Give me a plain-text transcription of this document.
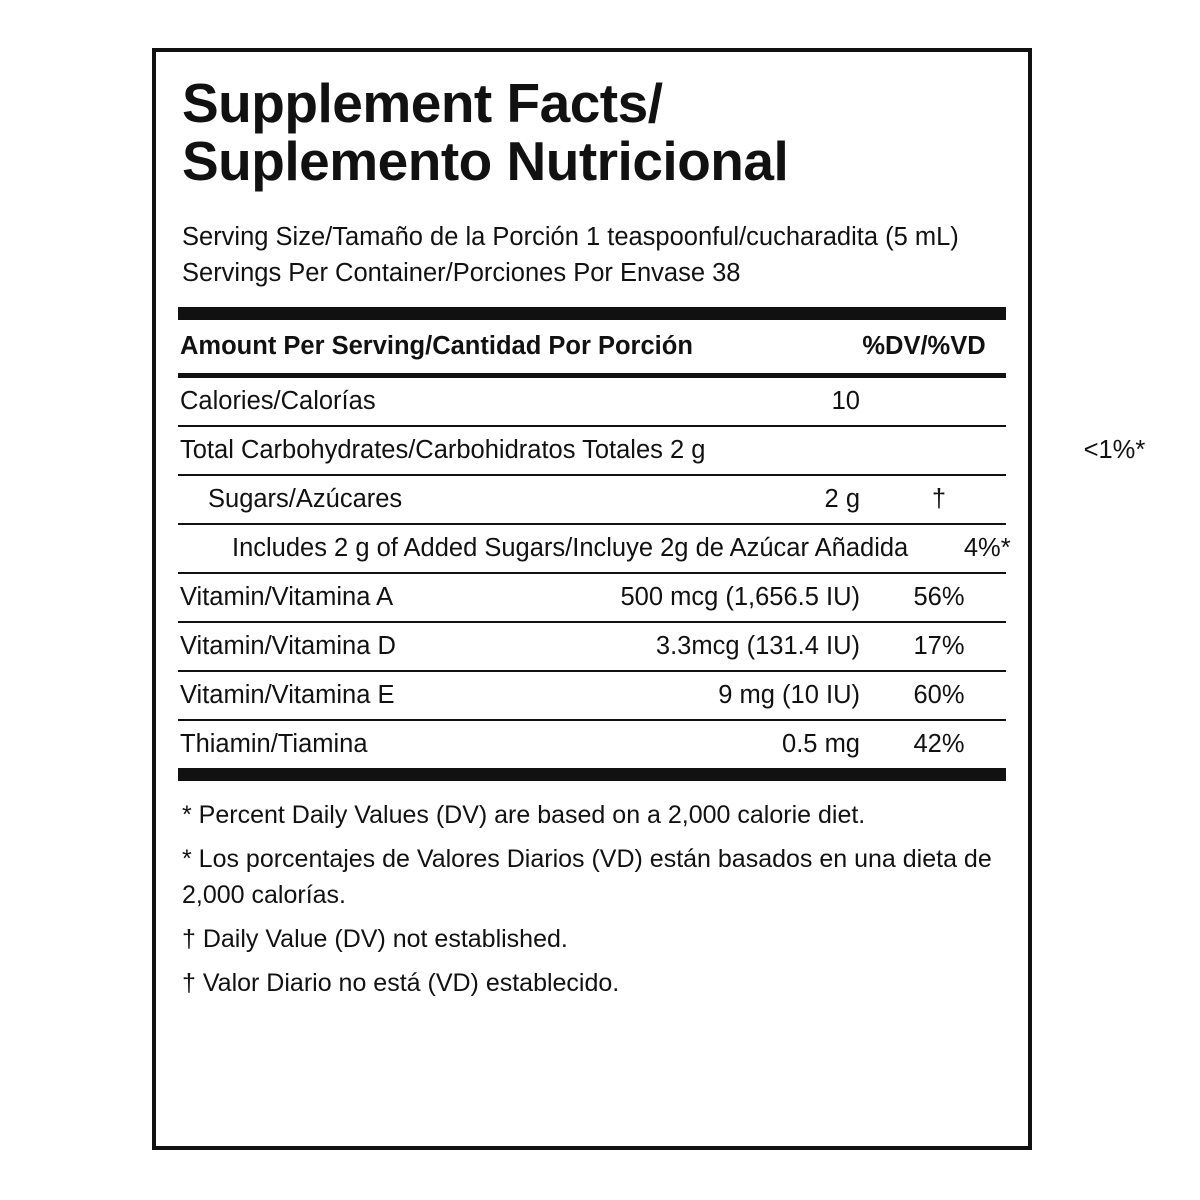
Supplement Facts/
Suplemento Nutricional
Serving Size/Tamaño de la Porción 1 teaspoonful/cucharadita (5 mL)
Servings Per Container/Porciones Por Envase 38
Amount Per Serving/Cantidad Por Porción	%DV/%VD
Calories/Calorías	10
Total Carbohydrates/Carbohidratos Totales 2 g	<1%*
Sugars/Azúcares	2 g	†
Includes 2 g of Added Sugars/Incluye 2g de Azúcar Añadida	4%*
Vitamin/Vitamina A	500 mcg (1,656.5 IU)	56%
Vitamin/Vitamina D	3.3mcg (131.4 IU)	17%
Vitamin/Vitamina E	9 mg (10 IU)	60%
Thiamin/Tiamina	0.5 mg	42%
* Percent Daily Values (DV) are based on a 2,000 calorie diet.
* Los porcentajes de Valores Diarios (VD) están basados en una dieta de 2,000 calorías.
† Daily Value (DV) not established.
† Valor Diario no está (VD) establecido.
